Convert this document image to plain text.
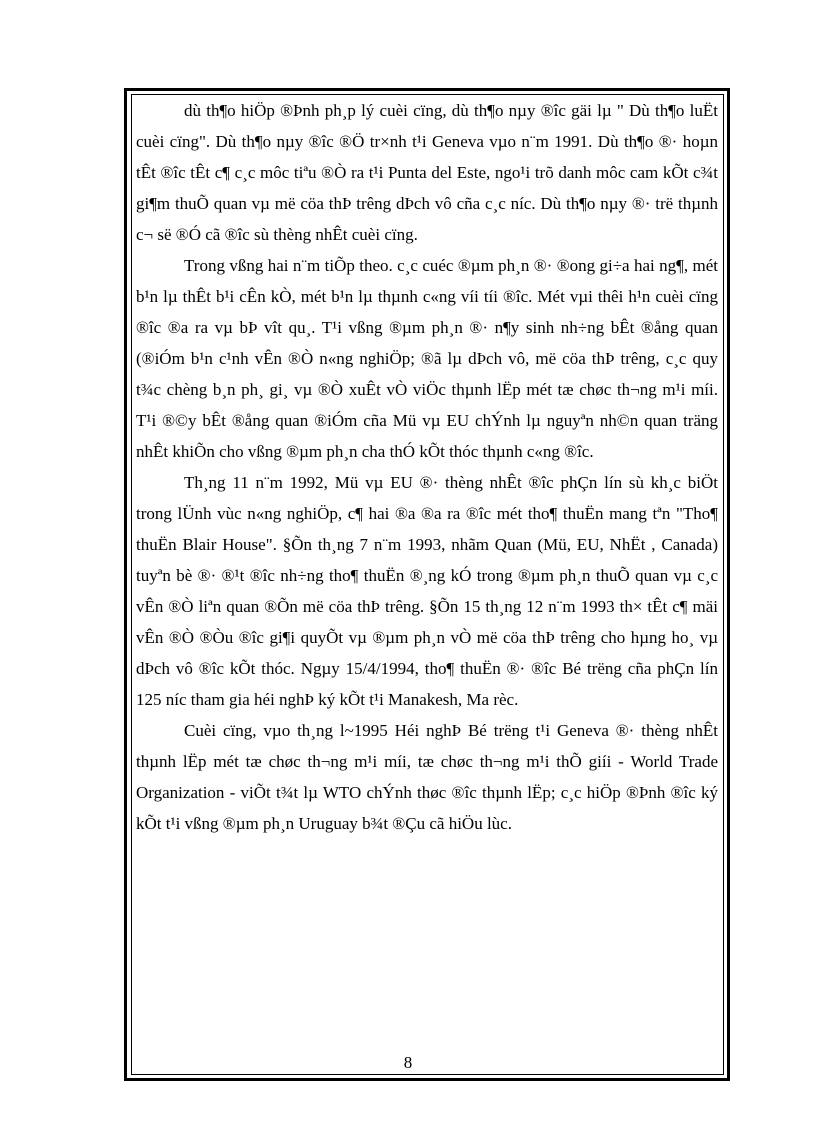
dù th¶o hiÖp ®Þnh ph¸p lý cuèi cïng, dù th¶o nµy ®îc gäi lµ " Dù th¶o luËt cuèi cïng". Dù th¶o nµy ®îc ®Ö tr×nh t¹i Geneva vµo n¨m 1991. Dù th¶o ®· hoµn tÊt ®îc tÊt c¶ c¸c môc tiªu ®Ò ra t¹i Punta del Este, ngo¹i trõ danh môc cam kÕt c¾t gi¶m thuÕ quan vµ më cöa thÞ trêng dÞch vô cña c¸c níc. Dù th¶o nµy ®· trë thµnh c¬ së ®Ó cã ®îc sù thèng nhÊt cuèi cïng.

Trong vßng hai n¨m tiÕp theo. c¸c cuéc ®µm ph¸n ®· ®ong gi÷a hai ng¶, mét b¹n lµ thÊt b¹i cÊn kÒ, mét b¹n lµ thµnh c«ng víi tíi ®îc. Mét vµi thêi h¹n cuèi cïng ®îc ®a ra vµ bÞ vît qu¸. T¹i vßng ®µm ph¸n ®· n¶y sinh nh÷ng bÊt ®ång quan (®iÓm b¹n c¹nh vÊn ®Ò n«ng nghiÖp; ®ã lµ dÞch vô, më cöa thÞ trêng, c¸c quy t¾c chèng b¸n ph¸ gi¸ vµ ®Ò xuÊt vÒ viÖc thµnh lËp mét tæ chøc th¬ng m¹i míi. T¹i ®©y bÊt ®ång quan ®iÓm cña Mü vµ EU chÝnh lµ nguyªn nh©n quan träng nhÊt khiÕn cho vßng ®µm ph¸n cha thÓ kÕt thóc thµnh c«ng ®îc.

Th¸ng 11 n¨m 1992, Mü vµ EU ®· thèng nhÊt ®îc phÇn lín sù kh¸c biÖt trong lÜnh vùc n«ng nghiÖp, c¶ hai ®a ®a ra ®îc mét tho¶ thuËn mang tªn "Tho¶ thuËn Blair House". §Õn th¸ng 7 n¨m 1993, nhãm Quan (Mü, EU, NhËt , Canada) tuyªn bè ®· ®¹t ®îc nh÷ng tho¶ thuËn ®¸ng kÓ trong ®µm ph¸n thuÕ quan vµ c¸c vÊn ®Ò liªn quan ®Õn më cöa thÞ trêng. §Õn 15 th¸ng 12 n¨m 1993 th× tÊt c¶ mäi vÊn ®Ò ®Òu ®îc gi¶i quyÕt vµ ®µm ph¸n vÒ më cöa thÞ trêng cho hµng ho¸ vµ dÞch vô ®îc kÕt thóc. Ngµy 15/4/1994, tho¶ thuËn ®· ®îc Bé trëng cña phÇn lín 125 níc tham gia héi nghÞ ký kÕt t¹i Manakesh, Ma rèc.

Cuèi cïng, vµo th¸ng l~1995 Héi nghÞ Bé trëng t¹i Geneva ®· thèng nhÊt thµnh lËp mét tæ chøc th¬ng m¹i míi, tæ chøc th¬ng m¹i thÕ giíi - World Trade Organization - viÕt t¾t lµ WTO chÝnh thøc ®îc thµnh lËp; c¸c hiÖp ®Þnh ®îc ký kÕt t¹i vßng ®µm ph¸n Uruguay b¾t ®Çu cã hiÖu lùc.

8
